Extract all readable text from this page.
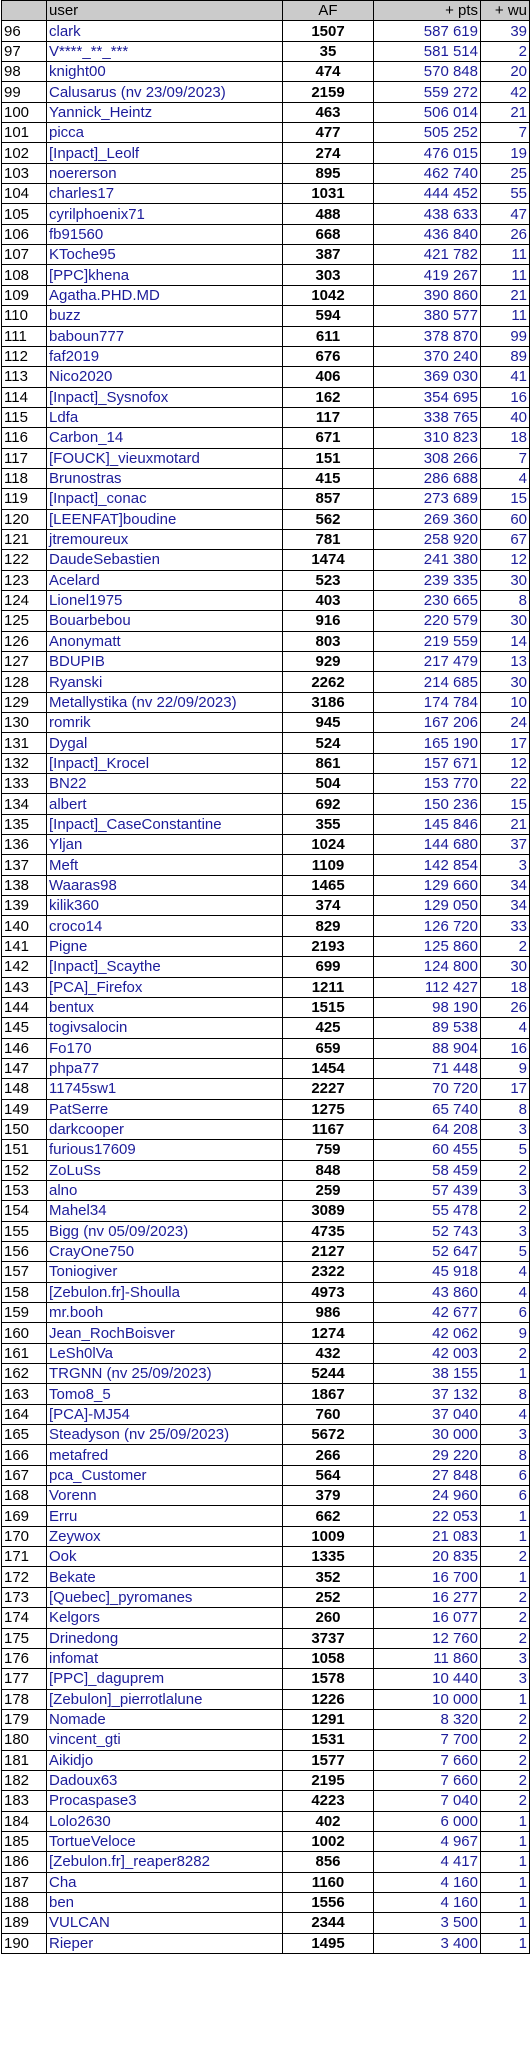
	user	AF	+ pts	+ wu
96	clark	1507	587 619	39
97	V****_**_***	35	581 514	2
98	knight00	474	570 848	20
99	Calusarus (nv 23/09/2023)	2159	559 272	42
100	Yannick_Heintz	463	506 014	21
101	picca	477	505 252	7
102	[Inpact]_Leolf	274	476 015	19
103	noererson	895	462 740	25
104	charles17	1031	444 452	55
105	cyrilphoenix71	488	438 633	47
106	fb91560	668	436 840	26
107	KToche95	387	421 782	11
108	[PPC]khena	303	419 267	11
109	Agatha.PHD.MD	1042	390 860	21
110	buzz	594	380 577	11
111	baboun777	611	378 870	99
112	faf2019	676	370 240	89
113	Nico2020	406	369 030	41
114	[Inpact]_Sysnofox	162	354 695	16
115	Ldfa	117	338 765	40
116	Carbon_14	671	310 823	18
117	[FOUCK]_vieuxmotard	151	308 266	7
118	Brunostras	415	286 688	4
119	[Inpact]_conac	857	273 689	15
120	[LEENFAT]boudine	562	269 360	60
121	jtremoureux	781	258 920	67
122	DaudeSebastien	1474	241 380	12
123	Acelard	523	239 335	30
124	Lionel1975	403	230 665	8
125	Bouarbebou	916	220 579	30
126	Anonymatt	803	219 559	14
127	BDUPIB	929	217 479	13
128	Ryanski	2262	214 685	30
129	Metallystika (nv 22/09/2023)	3186	174 784	10
130	romrik	945	167 206	24
131	Dygal	524	165 190	17
132	[Inpact]_Krocel	861	157 671	12
133	BN22	504	153 770	22
134	albert	692	150 236	15
135	[Inpact]_CaseConstantine	355	145 846	21
136	Yljan	1024	144 680	37
137	Meft	1109	142 854	3
138	Waaras98	1465	129 660	34
139	kilik360	374	129 050	34
140	croco14	829	126 720	33
141	Pigne	2193	125 860	2
142	[Inpact]_Scaythe	699	124 800	30
143	[PCA]_Firefox	1211	112 427	18
144	bentux	1515	98 190	26
145	togivsalocin	425	89 538	4
146	Fo170	659	88 904	16
147	phpa77	1454	71 448	9
148	11745sw1	2227	70 720	17
149	PatSerre	1275	65 740	8
150	darkcooper	1167	64 208	3
151	furious17609	759	60 455	5
152	ZoLuSs	848	58 459	2
153	alno	259	57 439	3
154	Mahel34	3089	55 478	2
155	Bigg (nv 05/09/2023)	4735	52 743	3
156	CrayOne750	2127	52 647	5
157	Toniogiver	2322	45 918	4
158	[Zebulon.fr]-Shoulla	4973	43 860	4
159	mr.booh	986	42 677	6
160	Jean_RochBoisver	1274	42 062	9
161	LeSh0lVa	432	42 003	2
162	TRGNN (nv 25/09/2023)	5244	38 155	1
163	Tomo8_5	1867	37 132	8
164	[PCA]-MJ54	760	37 040	4
165	Steadyson (nv 25/09/2023)	5672	30 000	3
166	metafred	266	29 220	8
167	pca_Customer	564	27 848	6
168	Vorenn	379	24 960	6
169	Erru	662	22 053	1
170	Zeywox	1009	21 083	1
171	Ook	1335	20 835	2
172	Bekate	352	16 700	1
173	[Quebec]_pyromanes	252	16 277	2
174	Kelgors	260	16 077	2
175	Drinedong	3737	12 760	2
176	infomat	1058	11 860	3
177	[PPC]_daguprem	1578	10 440	3
178	[Zebulon]_pierrotlalune	1226	10 000	1
179	Nomade	1291	8 320	2
180	vincent_gti	1531	7 700	2
181	Aikidjo	1577	7 660	2
182	Dadoux63	2195	7 660	2
183	Procaspase3	4223	7 040	2
184	Lolo2630	402	6 000	1
185	TortueVeloce	1002	4 967	1
186	[Zebulon.fr]_reaper8282	856	4 417	1
187	Cha	1160	4 160	1
188	ben	1556	4 160	1
189	VULCAN	2344	3 500	1
190	Rieper	1495	3 400	1
